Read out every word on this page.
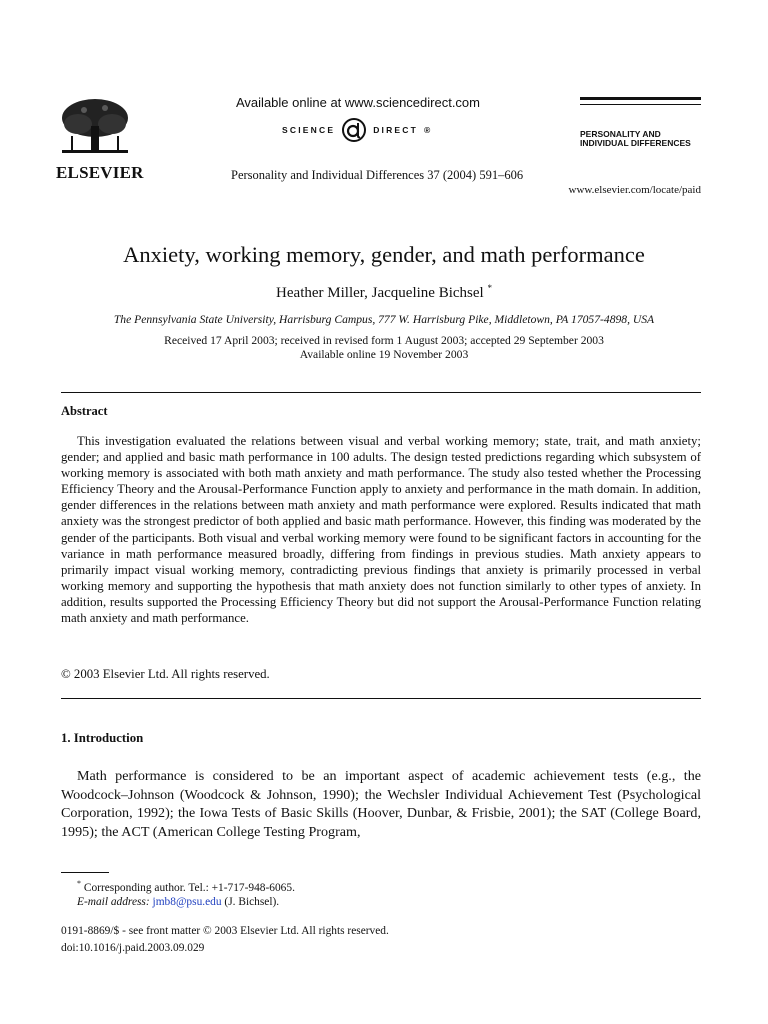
ELSEVIER
Available online at www.sciencedirect.com
SCIENCE	DIRECT ®
Personality and Individual Differences 37 (2004) 591–606
PERSONALITY AND
INDIVIDUAL DIFFERENCES
www.elsevier.com/locate/paid
Anxiety, working memory, gender, and math performance
Heather Miller, Jacqueline Bichsel *
The Pennsylvania State University, Harrisburg Campus, 777 W. Harrisburg Pike, Middletown, PA 17057-4898, USA
Received 17 April 2003; received in revised form 1 August 2003; accepted 29 September 2003
Available online 19 November 2003
Abstract
This investigation evaluated the relations between visual and verbal working memory; state, trait, and math anxiety; gender; and applied and basic math performance in 100 adults. The design tested predictions regarding which subsystem of working memory is associated with both math anxiety and math performance. The study also tested whether the Processing Efficiency Theory and the Arousal-Performance Function apply to anxiety and performance in the math domain. In addition, gender differences in the relations between math anxiety and math performance were explored. Results indicated that math anxiety was the strongest predictor of both applied and basic math performance. However, this finding was moderated by the gender of the participants. Both visual and verbal working memory were found to be significant factors in accounting for the variance in math performance measured broadly, differing from findings in previous studies. Math anxiety appears to primarily impact visual working memory, contradicting previous findings that anxiety is primarily processed in verbal working memory and supporting the hypothesis that math anxiety does not function similarly to other types of anxiety. In addition, results supported the Processing Efficiency Theory but did not support the Arousal-Performance Function relating math anxiety and math performance.
© 2003 Elsevier Ltd. All rights reserved.
1. Introduction
Math performance is considered to be an important aspect of academic achievement tests (e.g., the Woodcock–Johnson (Woodcock & Johnson, 1990); the Wechsler Individual Achievement Test (Psychological Corporation, 1992); the Iowa Tests of Basic Skills (Hoover, Dunbar, & Frisbie, 2001); the SAT (College Board, 1995); the ACT (American College Testing Program,
* Corresponding author. Tel.: +1-717-948-6065.
E-mail address: jmb8@psu.edu (J. Bichsel).
0191-8869/$ - see front matter © 2003 Elsevier Ltd. All rights reserved.
doi:10.1016/j.paid.2003.09.029
